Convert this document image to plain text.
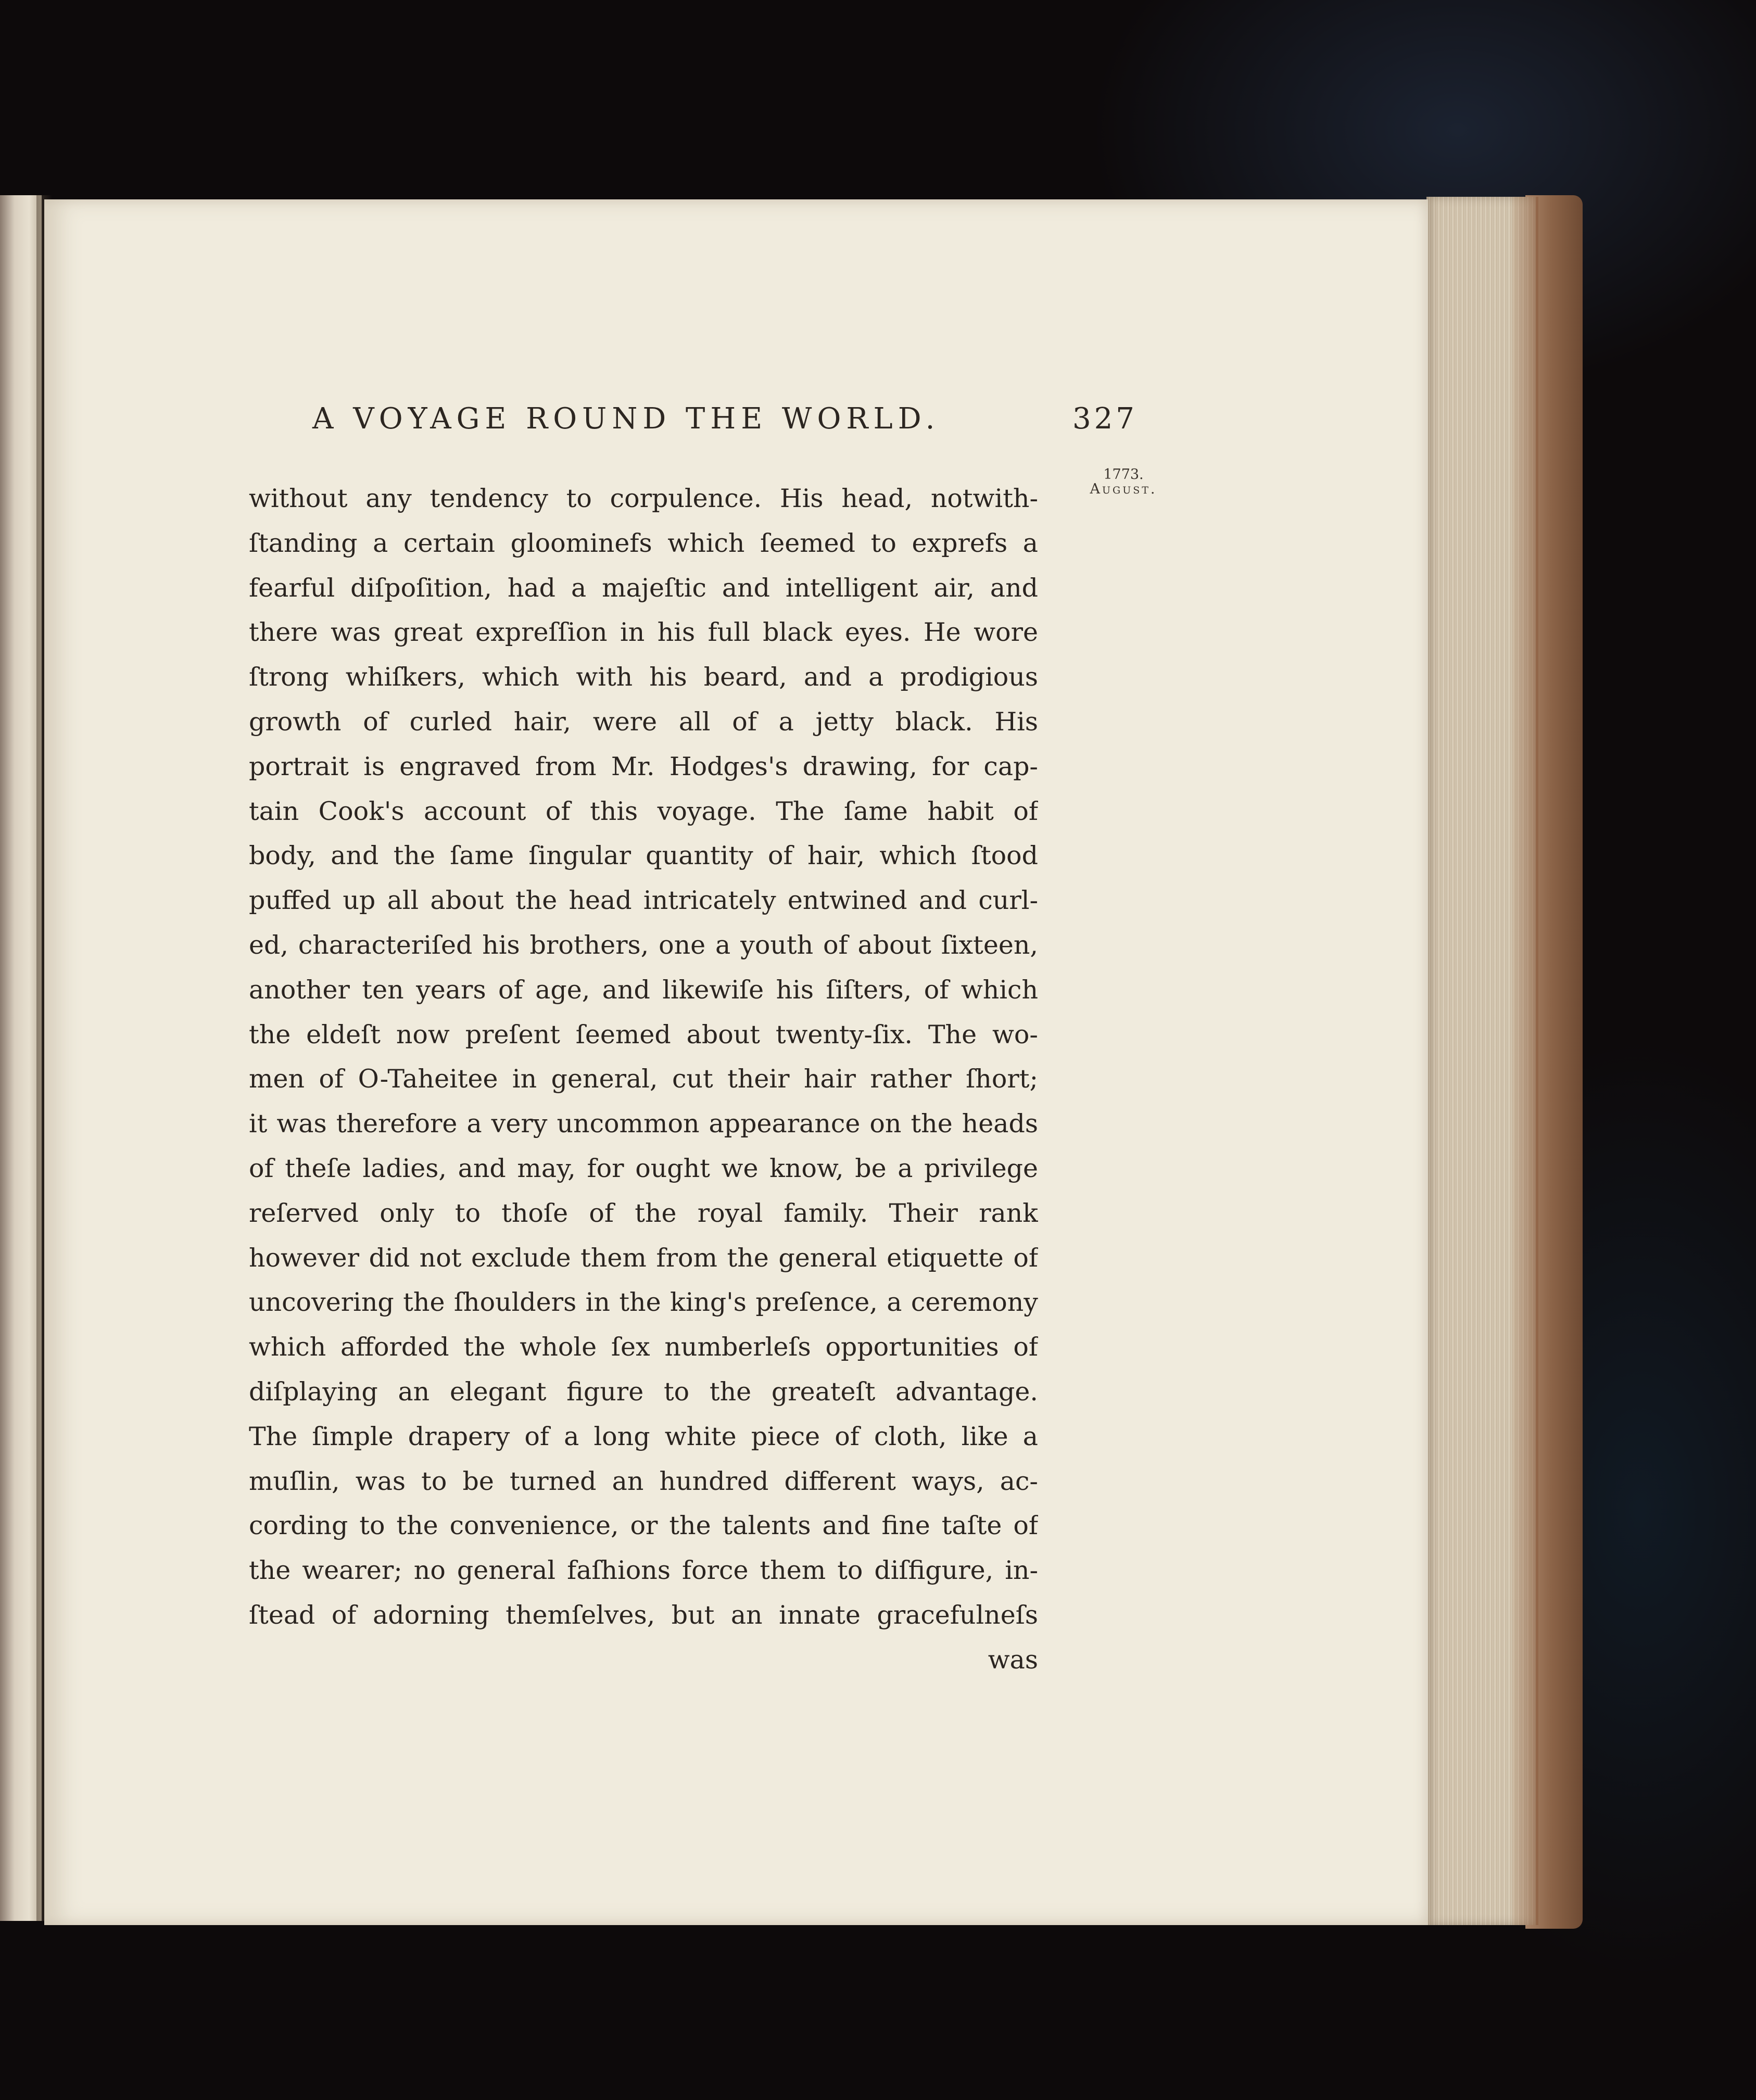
A VOYAGE ROUND THE WORLD.	327
1773.
August.
without any tendency to corpulence. His head, notwith-
ſtanding a certain gloominefs which ſeemed to exprefs a
fearful diſpoſition, had a majeſtic and intelligent air, and
there was great expreſſion in his full black eyes. He wore
ſtrong whiſkers, which with his beard, and a prodigious
growth of curled hair, were all of a jetty black. His
portrait is engraved from Mr. Hodges's drawing, for cap-
tain Cook's account of this voyage. The ſame habit of
body, and the ſame ſingular quantity of hair, which ſtood
puffed up all about the head intricately entwined and curl-
ed, characteriſed his brothers, one a youth of about ſixteen,
another ten years of age, and likewiſe his ſiſters, of which
the eldeſt now preſent ſeemed about twenty-ſix. The wo-
men of O-Taheitee in general, cut their hair rather ſhort;
it was therefore a very uncommon appearance on the heads
of theſe ladies, and may, for ought we know, be a privilege
reſerved only to thoſe of the royal family. Their rank
however did not exclude them from the general etiquette of
uncovering the ſhoulders in the king's preſence, a ceremony
which afforded the whole ſex numberleſs opportunities of
diſplaying an elegant figure to the greateſt advantage.
The ſimple drapery of a long white piece of cloth, like a
muſlin, was to be turned an hundred different ways, ac-
cording to the convenience, or the talents and fine taſte of
the wearer; no general faſhions force them to diſfigure, in-
ſtead of adorning themſelves, but an innate gracefulneſs
was
